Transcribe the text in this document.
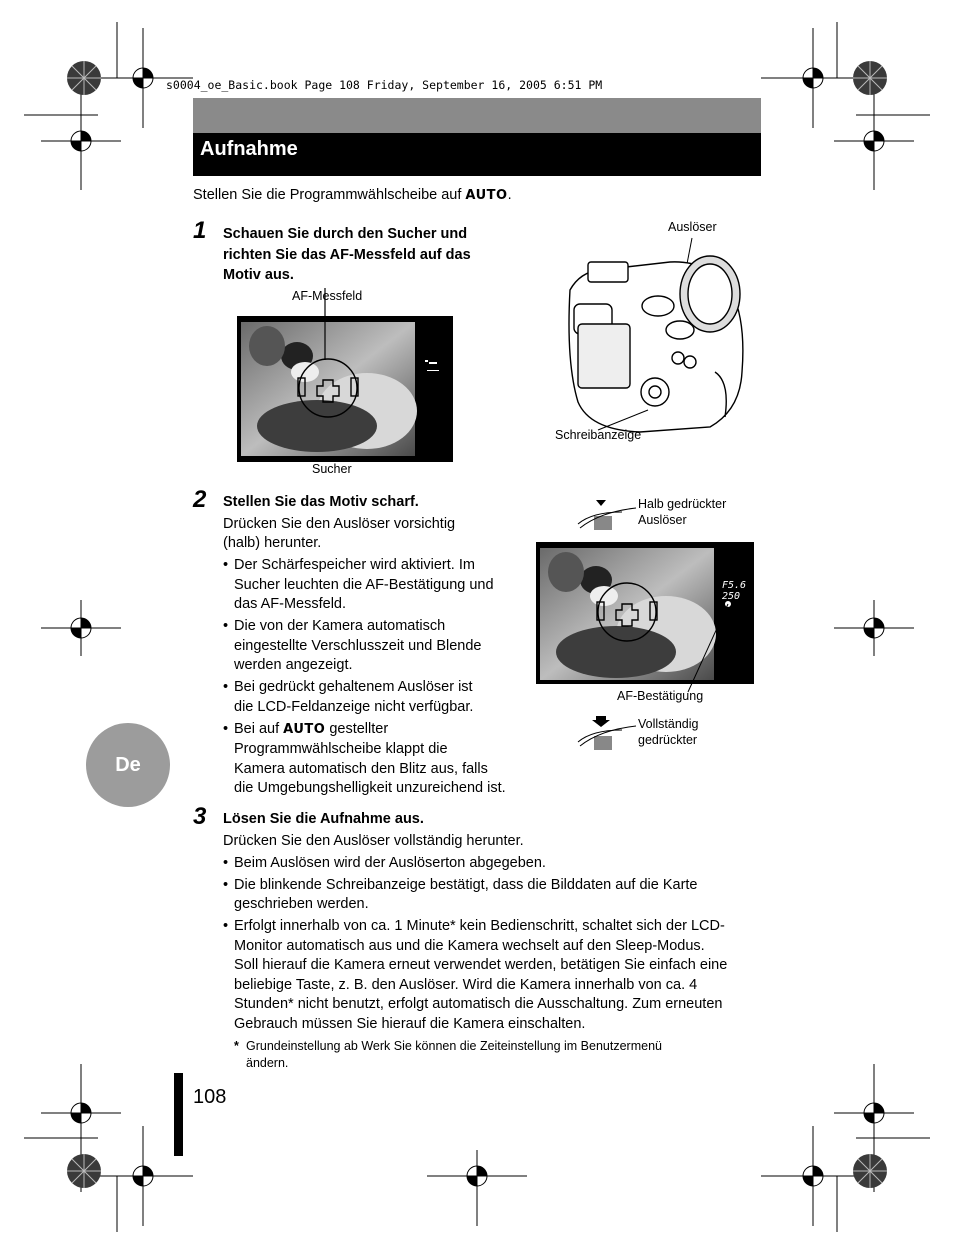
s0004_oe_Basic.book Page 108 Friday, September 16, 2005 6:51 PM
Aufnahme
Stellen Sie die Programmwählscheibe auf AUTO.
1 Schauen Sie durch den Sucher und
richten Sie das AF-Messfeld auf das
Motiv aus.
AF-Messfeld
Sucher
Auslöser
Schreibanzeige
2 Stellen Sie das Motiv scharf.
Drücken Sie den Auslöser vorsichtig
(halb) herunter.
• Der Schärfespeicher wird aktiviert. Im
Sucher leuchten die AF-Bestätigung und
das AF-Messfeld.
• Die von der Kamera automatisch
eingestellte Verschlusszeit und Blende
werden angezeigt.
• Bei gedrückt gehaltenem Auslöser ist
die LCD-Feldanzeige nicht verfügbar.
• Bei auf AUTO gestellter
Programmwählscheibe klappt die
Kamera automatisch den Blitz aus, falls
die Umgebungshelligkeit unzureichend ist.
Halb gedrückter
Auslöser
F5.6
250
AF-Bestätigung
Vollständig
gedrückter
3 Lösen Sie die Aufnahme aus.
Drücken Sie den Auslöser vollständig herunter.
• Beim Auslösen wird der Auslöserton abgegeben.
• Die blinkende Schreibanzeige bestätigt, dass die Bilddaten auf die Karte
geschrieben werden.
• Erfolgt innerhalb von ca. 1 Minute* kein Bedienschritt, schaltet sich der LCD-
Monitor automatisch aus und die Kamera wechselt auf den Sleep-Modus.
Soll hierauf die Kamera erneut verwendet werden, betätigen Sie einfach eine
beliebige Taste, z. B. den Auslöser. Wird die Kamera innerhalb von ca. 4
Stunden* nicht benutzt, erfolgt automatisch die Ausschaltung. Zum erneuten
Gebrauch müssen Sie hierauf die Kamera einschalten.
* Grundeinstellung ab Werk Sie können die Zeiteinstellung im Benutzermenü
ändern.
De
108
